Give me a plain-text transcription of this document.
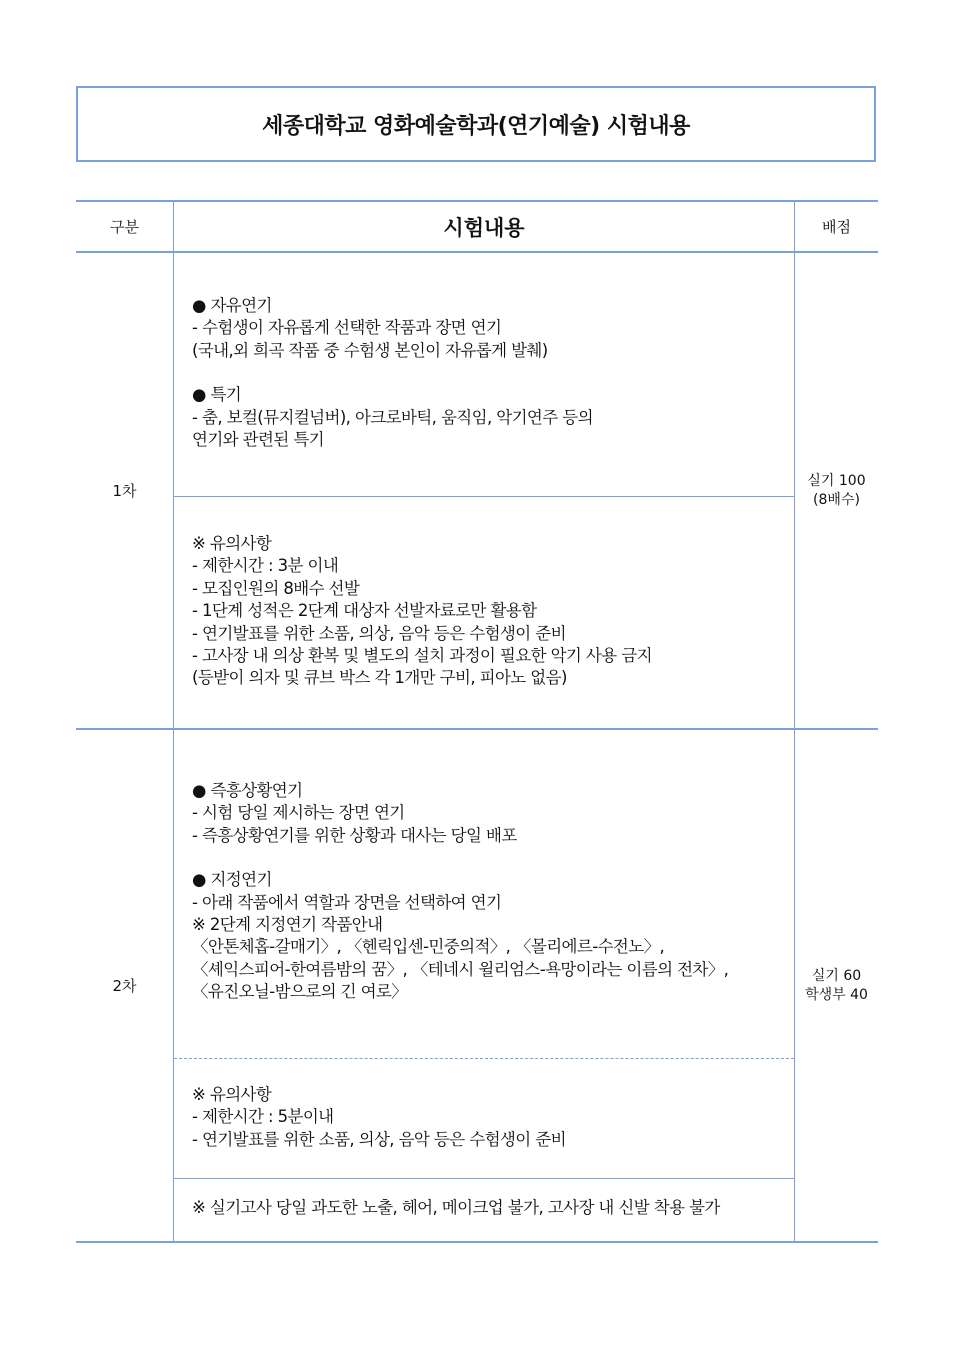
세종대학교 영화예술학과(연기예술) 시험내용
구분	시험내용	배점
1차
실기 100
(8배수)
● 자유연기
- 수험생이 자유롭게 선택한 작품과 장면 연기
(국내,외 희곡 작품 중 수험생 본인이 자유롭게 발췌)
● 특기
- 춤, 보컬(뮤지컬넘버), 아크로바틱, 움직임, 악기연주 등의
연기와 관련된 특기
※ 유의사항
- 제한시간 : 3분 이내
- 모집인원의 8배수 선발
- 1단계 성적은 2단계 대상자 선발자료로만 활용함
- 연기발표를 위한 소품, 의상, 음악 등은 수험생이 준비
- 고사장 내 의상 환복 및 별도의 설치 과정이 필요한 악기 사용 금지
(등받이 의자 및 큐브 박스 각 1개만 구비, 피아노 없음)
2차
실기 60
학생부 40
● 즉흥상황연기
- 시험 당일 제시하는 장면 연기
- 즉흥상황연기를 위한 상황과 대사는 당일 배포
● 지정연기
- 아래 작품에서 역할과 장면을 선택하여 연기
※ 2단계 지정연기 작품안내
〈안톤체홉-갈매기〉, 〈헨릭입센-민중의적〉, 〈몰리에르-수전노〉,
〈셰익스피어-한여름밤의 꿈〉, 〈테네시 윌리엄스-욕망이라는 이름의 전차〉,
〈유진오닐-밤으로의 긴 여로〉
※ 유의사항
- 제한시간 : 5분이내
- 연기발표를 위한 소품, 의상, 음악 등은 수험생이 준비
※ 실기고사 당일 과도한 노출, 헤어, 메이크업 불가, 고사장 내 신발 착용 불가
